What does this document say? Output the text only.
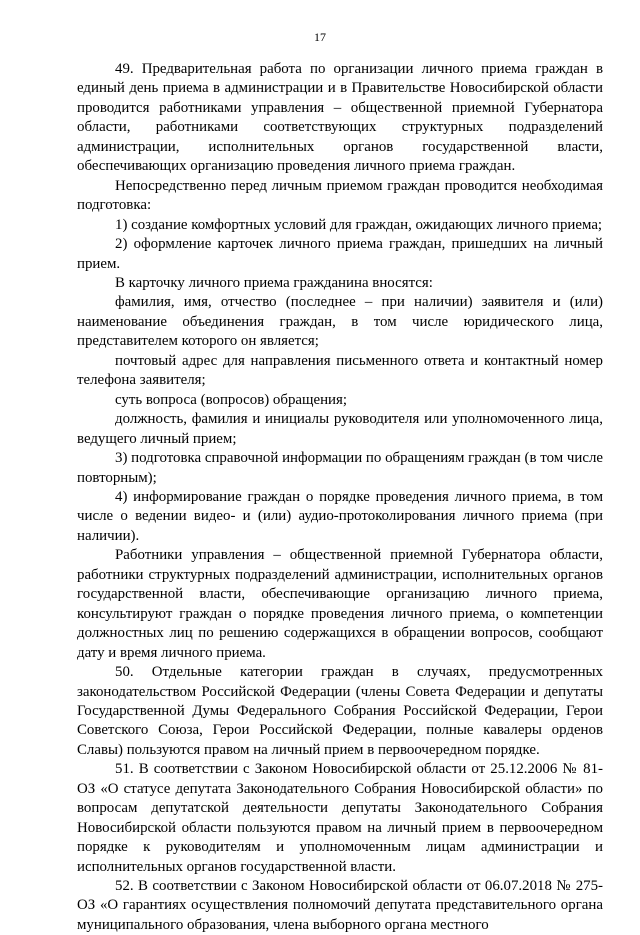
17

49. Предварительная работа по организации личного приема граждан в единый день приема в администрации и в Правительстве Новосибирской области проводится работниками управления – общественной приемной Губернатора области, работниками соответствующих структурных подразделений администрации, исполнительных органов государственной власти, обеспечивающих организацию проведения личного приема граждан.

Непосредственно перед личным приемом граждан проводится необходимая подготовка:

1) создание комфортных условий для граждан, ожидающих личного приема;

2) оформление карточек личного приема граждан, пришедших на личный прием.

В карточку личного приема гражданина вносятся:

фамилия, имя, отчество (последнее – при наличии) заявителя и (или) наименование объединения граждан, в том числе юридического лица, представителем которого он является;

почтовый адрес для направления письменного ответа и контактный номер телефона заявителя;

суть вопроса (вопросов) обращения;

должность, фамилия и инициалы руководителя или уполномоченного лица, ведущего личный прием;

3) подготовка справочной информации по обращениям граждан (в том числе повторным);

4) информирование граждан о порядке проведения личного приема, в том числе о ведении видео- и (или) аудио-протоколирования личного приема (при наличии).

Работники управления – общественной приемной Губернатора области, работники структурных подразделений администрации, исполнительных органов государственной власти, обеспечивающие организацию личного приема, консультируют граждан о порядке проведения личного приема, о компетенции должностных лиц по решению содержащихся в обращении вопросов, сообщают дату и время личного приема.

50. Отдельные категории граждан в случаях, предусмотренных законодательством Российской Федерации (члены Совета Федерации и депутаты Государственной Думы Федерального Собрания Российской Федерации, Герои Советского Союза, Герои Российской Федерации, полные кавалеры орденов Славы) пользуются правом на личный прием в первоочередном порядке.

51. В соответствии с Законом Новосибирской области от 25.12.2006 № 81-ОЗ «О статусе депутата Законодательного Собрания Новосибирской области» по вопросам депутатской деятельности депутаты Законодательного Собрания Новосибирской области пользуются правом на личный прием в первоочередном порядке к руководителям и уполномоченным лицам администрации и исполнительных органов государственной власти.

52. В соответствии с Законом Новосибирской области от 06.07.2018 № 275-ОЗ «О гарантиях осуществления полномочий депутата представительного органа муниципального образования, члена выборного органа местного
